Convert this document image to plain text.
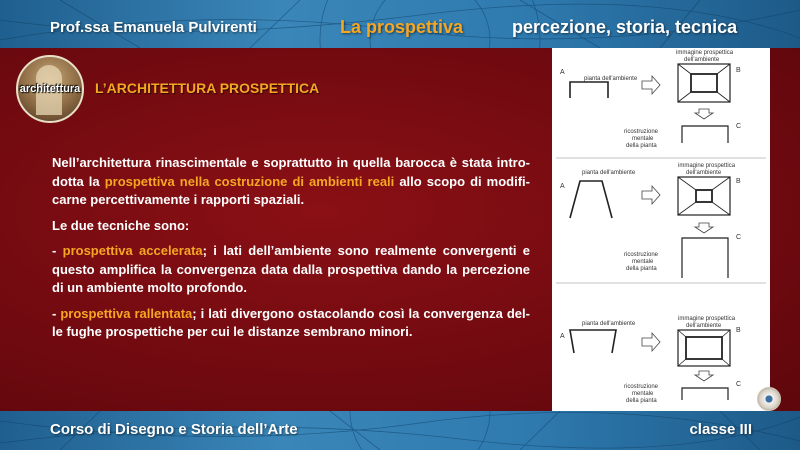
Prof.ssa Emanuela Pulvirenti	La prospettiva	percezione, storia, tecnica
architettura L’ARCHITETTURA PROSPETTICA

Nell’architettura rinascimentale e soprattutto in quella barocca è stata introdotta la prospettiva nella costruzione di ambienti reali allo scopo di modificarne percettivamente i rapporti spaziali.

Le due tecniche sono:

- prospettiva accelerata; i lati dell’ambiente sono realmente convergenti e questo amplifica la convergenza data dalla prospettiva dando la percezione di un ambiente molto profondo.

- prospettiva rallentata; i lati divergono ostacolando così la convergenza delle fughe prospettiche per cui le distanze sembrano minori.

pianta dell'ambiente
A
immagine prospettica
dell'ambiente
B
C
ricostruzione
mentale
della pianta
pianta dell'ambiente
A
immagine prospettica
dell'ambiente
B
C
ricostruzione
mentale
della pianta
pianta dell'ambiente
A
immagine prospettica
dell'ambiente
B
C
ricostruzione
mentale
della pianta
Corso di Disegno e Storia dell’Arte	classe III
